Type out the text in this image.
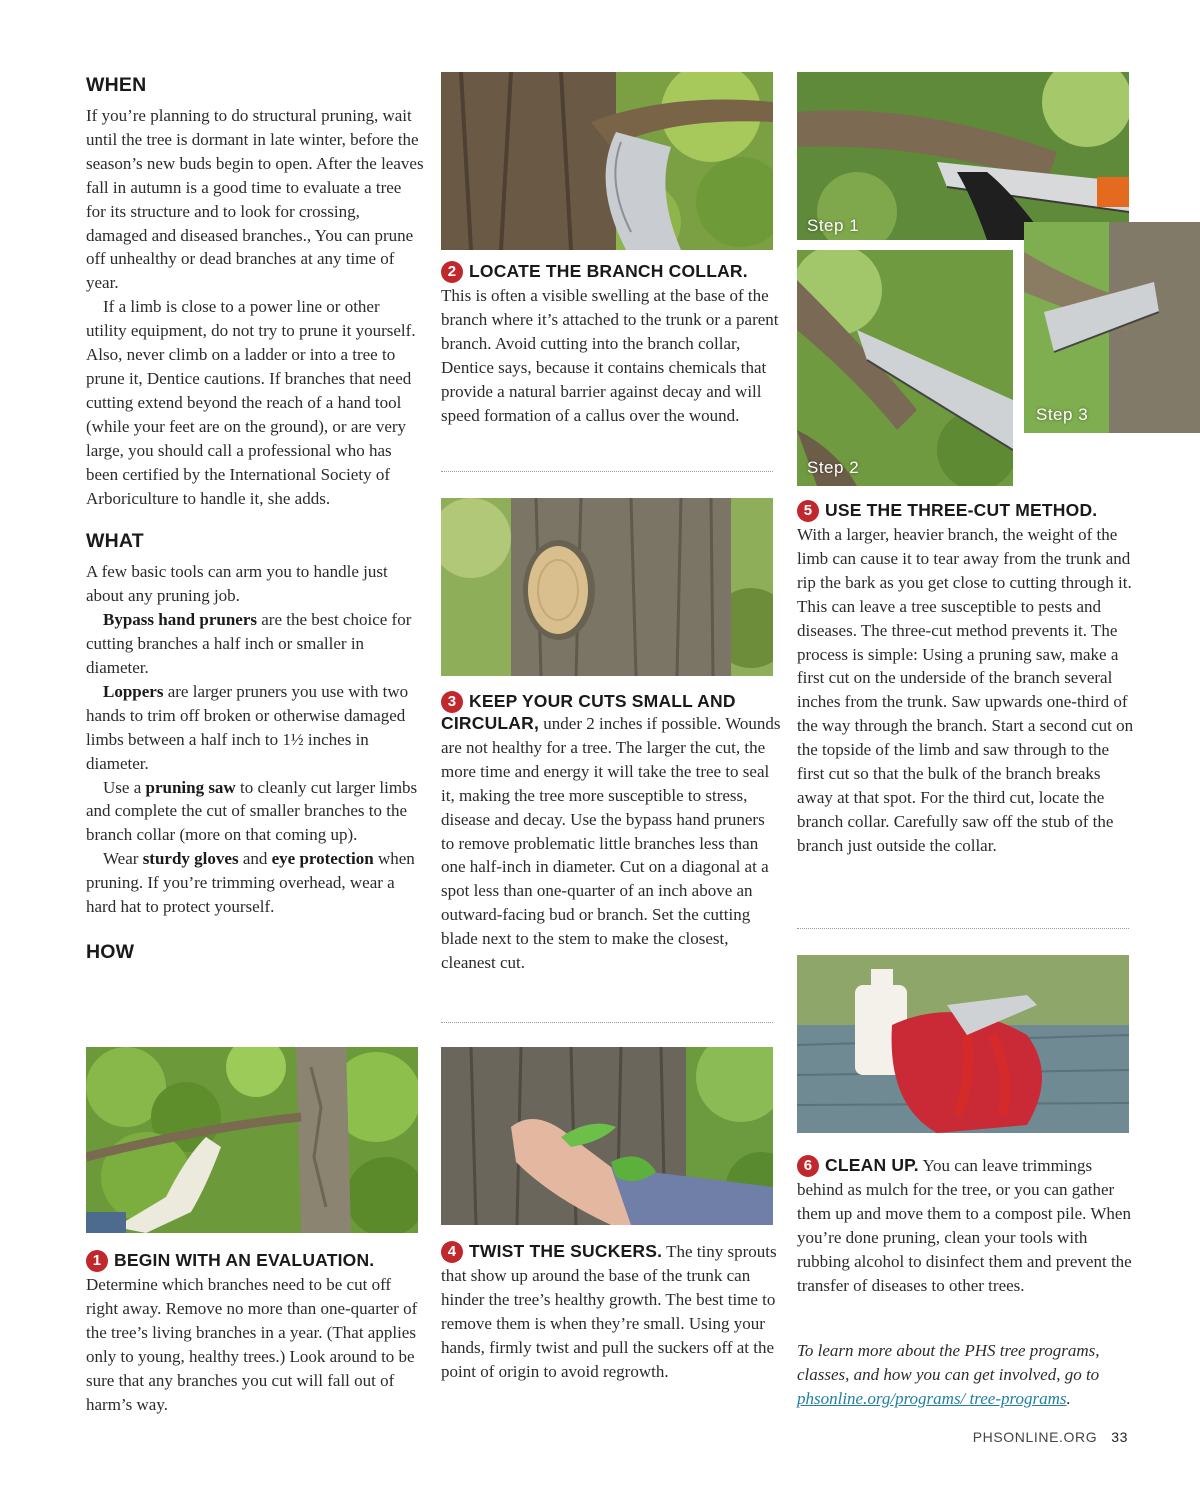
WHEN

If you’re planning to do structural pruning, wait until the tree is dormant in late winter, before the season’s new buds begin to open. After the leaves fall in autumn is a good time to evaluate a tree for its structure and to look for crossing, damaged and diseased branches., You can prune off unhealthy or dead branches at any time of year.

If a limb is close to a power line or other utility equipment, do not try to prune it yourself. Also, never climb on a ladder or into a tree to prune it, Dentice cautions. If branches that need cutting extend beyond the reach of a hand tool (while your feet are on the ground), or are very large, you should call a professional who has been certified by the International Society of Arboriculture to handle it, she adds.

WHAT

A few basic tools can arm you to handle just about any pruning job.

Bypass hand pruners are the best choice for cutting branches a half inch or smaller in diameter.

Loppers are larger pruners you use with two hands to trim off broken or otherwise damaged limbs between a half inch to 1½ inches in diameter.

Use a pruning saw to cleanly cut larger limbs and complete the cut of smaller branches to the branch collar (more on that coming up).

Wear sturdy gloves and eye protection when pruning. If you’re trimming overhead, wear a hard hat to protect yourself.

HOW
1 BEGIN WITH AN EVALUATION.

Determine which branches need to be cut off right away. Remove no more than one-quarter of the tree’s living branches in a year. (That applies only to young, healthy trees.) Look around to be sure that any branches you cut will fall out of harm’s way.

2 LOCATE THE BRANCH COLLAR.

This is often a visible swelling at the base of the branch where it’s attached to the trunk or a parent branch. Avoid cutting into the branch collar, Dentice says, because it contains chemicals that provide a natural barrier against decay and will speed formation of a callus over the wound.

3 KEEP YOUR CUTS SMALL AND

CIRCULAR, under 2 inches if possible. Wounds are not healthy for a tree. The larger the cut, the more time and energy it will take the tree to seal it, making the tree more susceptible to stress, disease and decay. Use the bypass hand pruners to remove problematic little branches less than one half-inch in diameter. Cut on a diagonal at a spot less than one-quarter of an inch above an outward-facing bud or branch. Set the cutting blade next to the stem to make the closest, cleanest cut.

4 TWIST THE SUCKERS. The tiny sprouts that show up around the base of the trunk can hinder the tree’s healthy growth. The best time to remove them is when they’re small. Using your hands, firmly twist and pull the suckers off at the point of origin to avoid regrowth.

Step 1
Step 2
Step 3
5 USE THE THREE-CUT METHOD.

With a larger, heavier branch, the weight of the limb can cause it to tear away from the trunk and rip the bark as you get close to cutting through it. This can leave a tree susceptible to pests and diseases. The three-cut method prevents it. The process is simple: Using a pruning saw, make a first cut on the underside of the branch several inches from the trunk. Saw upwards one-third of the way through the branch. Start a second cut on the topside of the limb and saw through to the first cut so that the bulk of the branch breaks away at that spot. For the third cut, locate the branch collar. Carefully saw off the stub of the branch just outside the collar.

6 CLEAN UP. You can leave trimmings behind as mulch for the tree, or you can gather them up and move them to a compost pile. When you’re done pruning, clean your tools with rubbing alcohol to disinfect them and prevent the transfer of diseases to other trees.

To learn more about the PHS tree programs, classes, and how you can get involved, go to phsonline.org/programs/ tree-programs.

PHSONLINE.ORG 33
